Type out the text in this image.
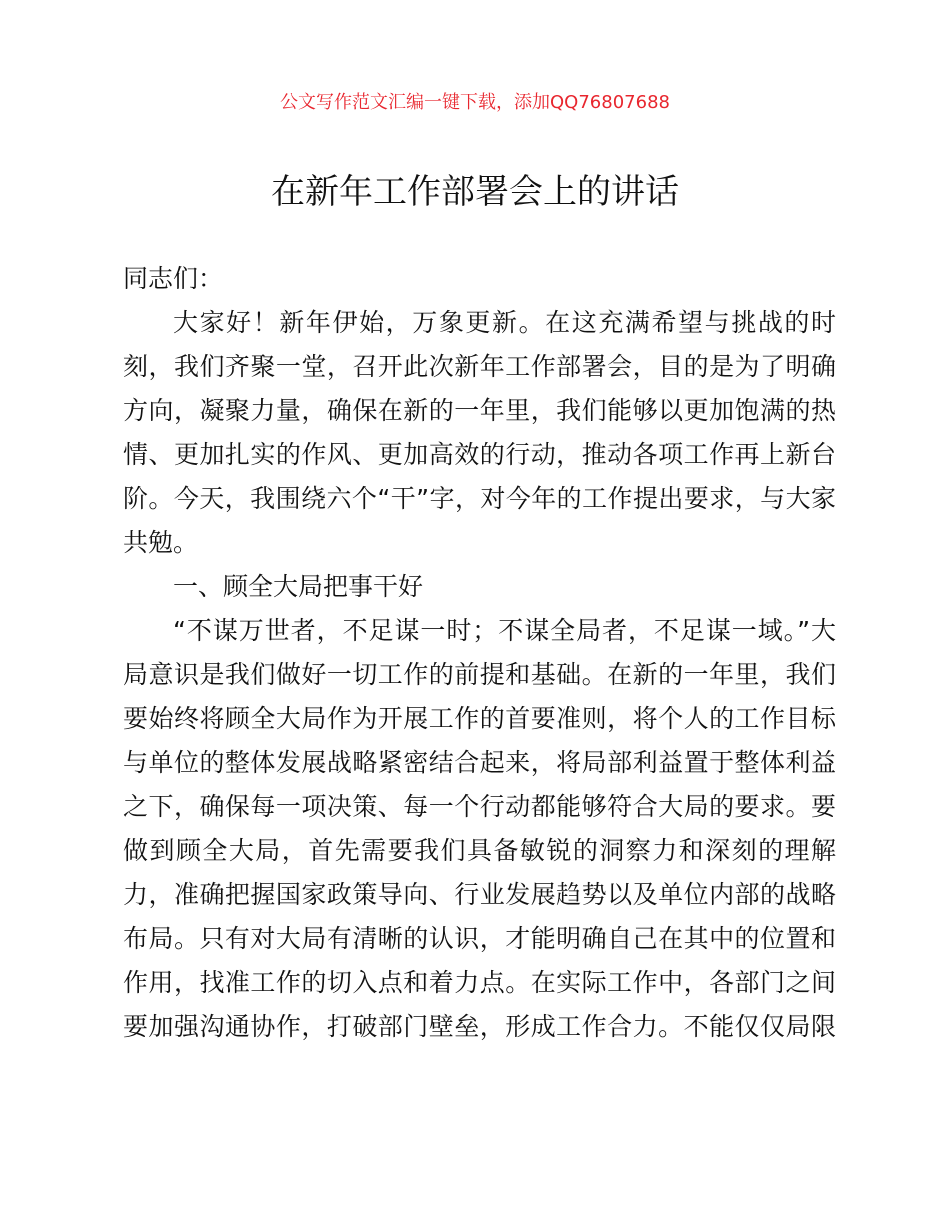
公文写作范文汇编一键下载，添加QQ76807688
在新年工作部署会上的讲话
同志们：
大家好！新年伊始，万象更新。在这充满希望与挑战的时
刻，我们齐聚一堂，召开此次新年工作部署会，目的是为了明确
方向，凝聚力量，确保在新的一年里，我们能够以更加饱满的热
情、更加扎实的作风、更加高效的行动，推动各项工作再上新台
阶。今天，我围绕六个“干”字，对今年的工作提出要求，与大家
共勉。
一、顾全大局把事干好
“不谋万世者，不足谋一时；不谋全局者，不足谋一域。”大
局意识是我们做好一切工作的前提和基础。在新的一年里，我们
要始终将顾全大局作为开展工作的首要准则，将个人的工作目标
与单位的整体发展战略紧密结合起来，将局部利益置于整体利益
之下，确保每一项决策、每一个行动都能够符合大局的要求。要
做到顾全大局，首先需要我们具备敏锐的洞察力和深刻的理解
力，准确把握国家政策导向、行业发展趋势以及单位内部的战略
布局。只有对大局有清晰的认识，才能明确自己在其中的位置和
作用，找准工作的切入点和着力点。在实际工作中，各部门之间
要加强沟通协作，打破部门壁垒，形成工作合力。不能仅仅局限
